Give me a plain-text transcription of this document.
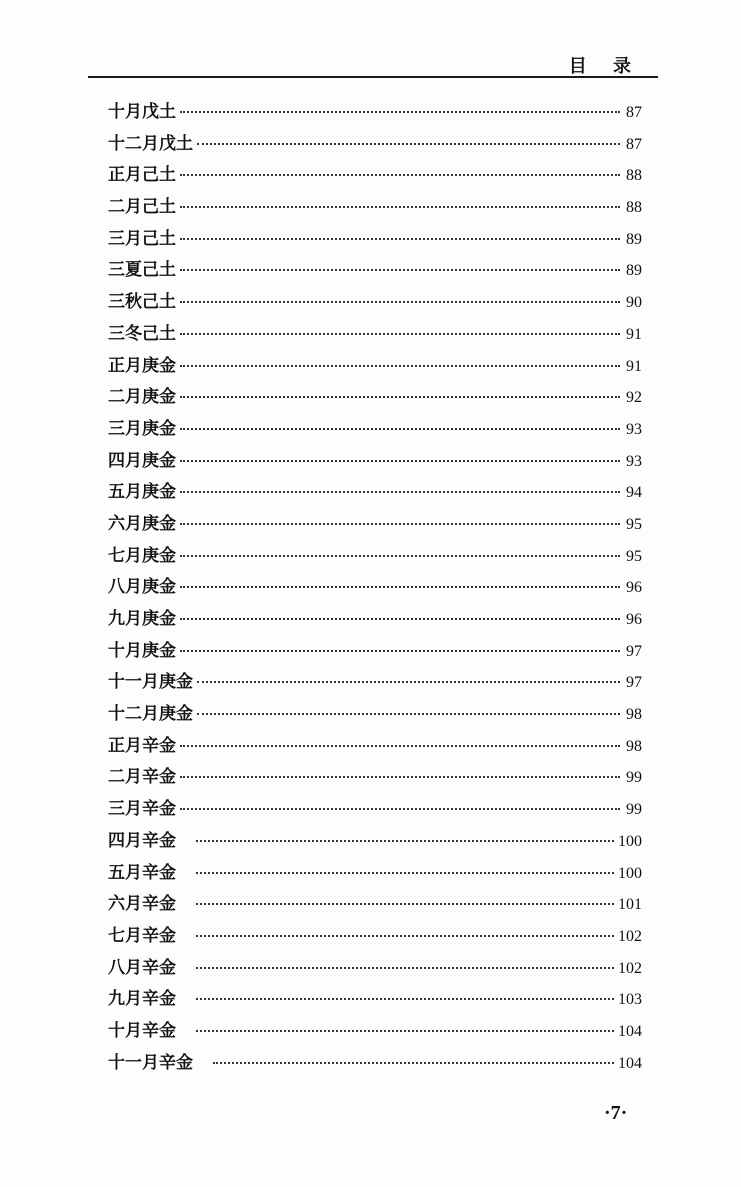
目 录
十月戊土	87
十二月戊土	87
正月己土	88
二月己土	88
三月己土	89
三夏己土	89
三秋己土	90
三冬己土	91
正月庚金	91
二月庚金	92
三月庚金	93
四月庚金	93
五月庚金	94
六月庚金	95
七月庚金	95
八月庚金	96
九月庚金	96
十月庚金	97
十一月庚金	97
十二月庚金	98
正月辛金	98
二月辛金	99
三月辛金	99
四月辛金	100
五月辛金	100
六月辛金	101
七月辛金	102
八月辛金	102
九月辛金	103
十月辛金	104
十一月辛金	104
·7·
